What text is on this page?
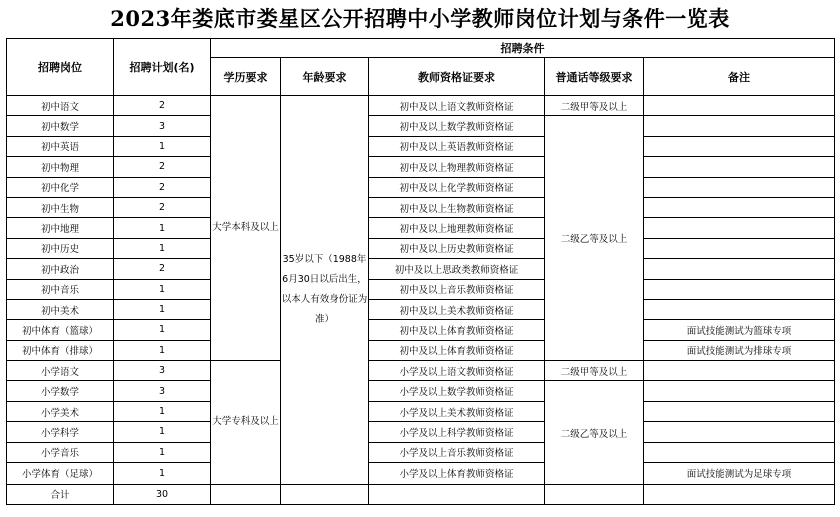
2023年娄底市娄星区公开招聘中小学教师岗位计划与条件一览表
招聘岗位	招聘计划(名)	招聘条件				
		学历要求	年龄要求	教师资格证要求	普通话等级要求	备注
初中语文	2	大学本科及以上	35岁以下（1988年6月30日以后出生，以本人有效身份证为准）	初中及以上语文教师资格证	二级甲等及以上	
初中数学	3			初中及以上数学教师资格证	二级乙等及以上	
初中英语	1			初中及以上英语教师资格证		
初中物理	2			初中及以上物理教师资格证		
初中化学	2			初中及以上化学教师资格证		
初中生物	2			初中及以上生物教师资格证		
初中地理	1			初中及以上地理教师资格证		
初中历史	1			初中及以上历史教师资格证		
初中政治	2			初中及以上思政类教师资格证		
初中音乐	1			初中及以上音乐教师资格证		
初中美术	1			初中及以上美术教师资格证		
初中体育（篮球）	1			初中及以上体育教师资格证		面试技能测试为篮球专项
初中体育（排球）	1			初中及以上体育教师资格证		面试技能测试为排球专项
小学语文	3	大学专科及以上		小学及以上语文教师资格证	二级甲等及以上	
小学数学	3			小学及以上数学教师资格证	二级乙等及以上	
小学美术	1			小学及以上美术教师资格证		
小学科学	1			小学及以上科学教师资格证		
小学音乐	1			小学及以上音乐教师资格证		
小学体育（足球）	1			小学及以上体育教师资格证		面试技能测试为足球专项
合计	30					
